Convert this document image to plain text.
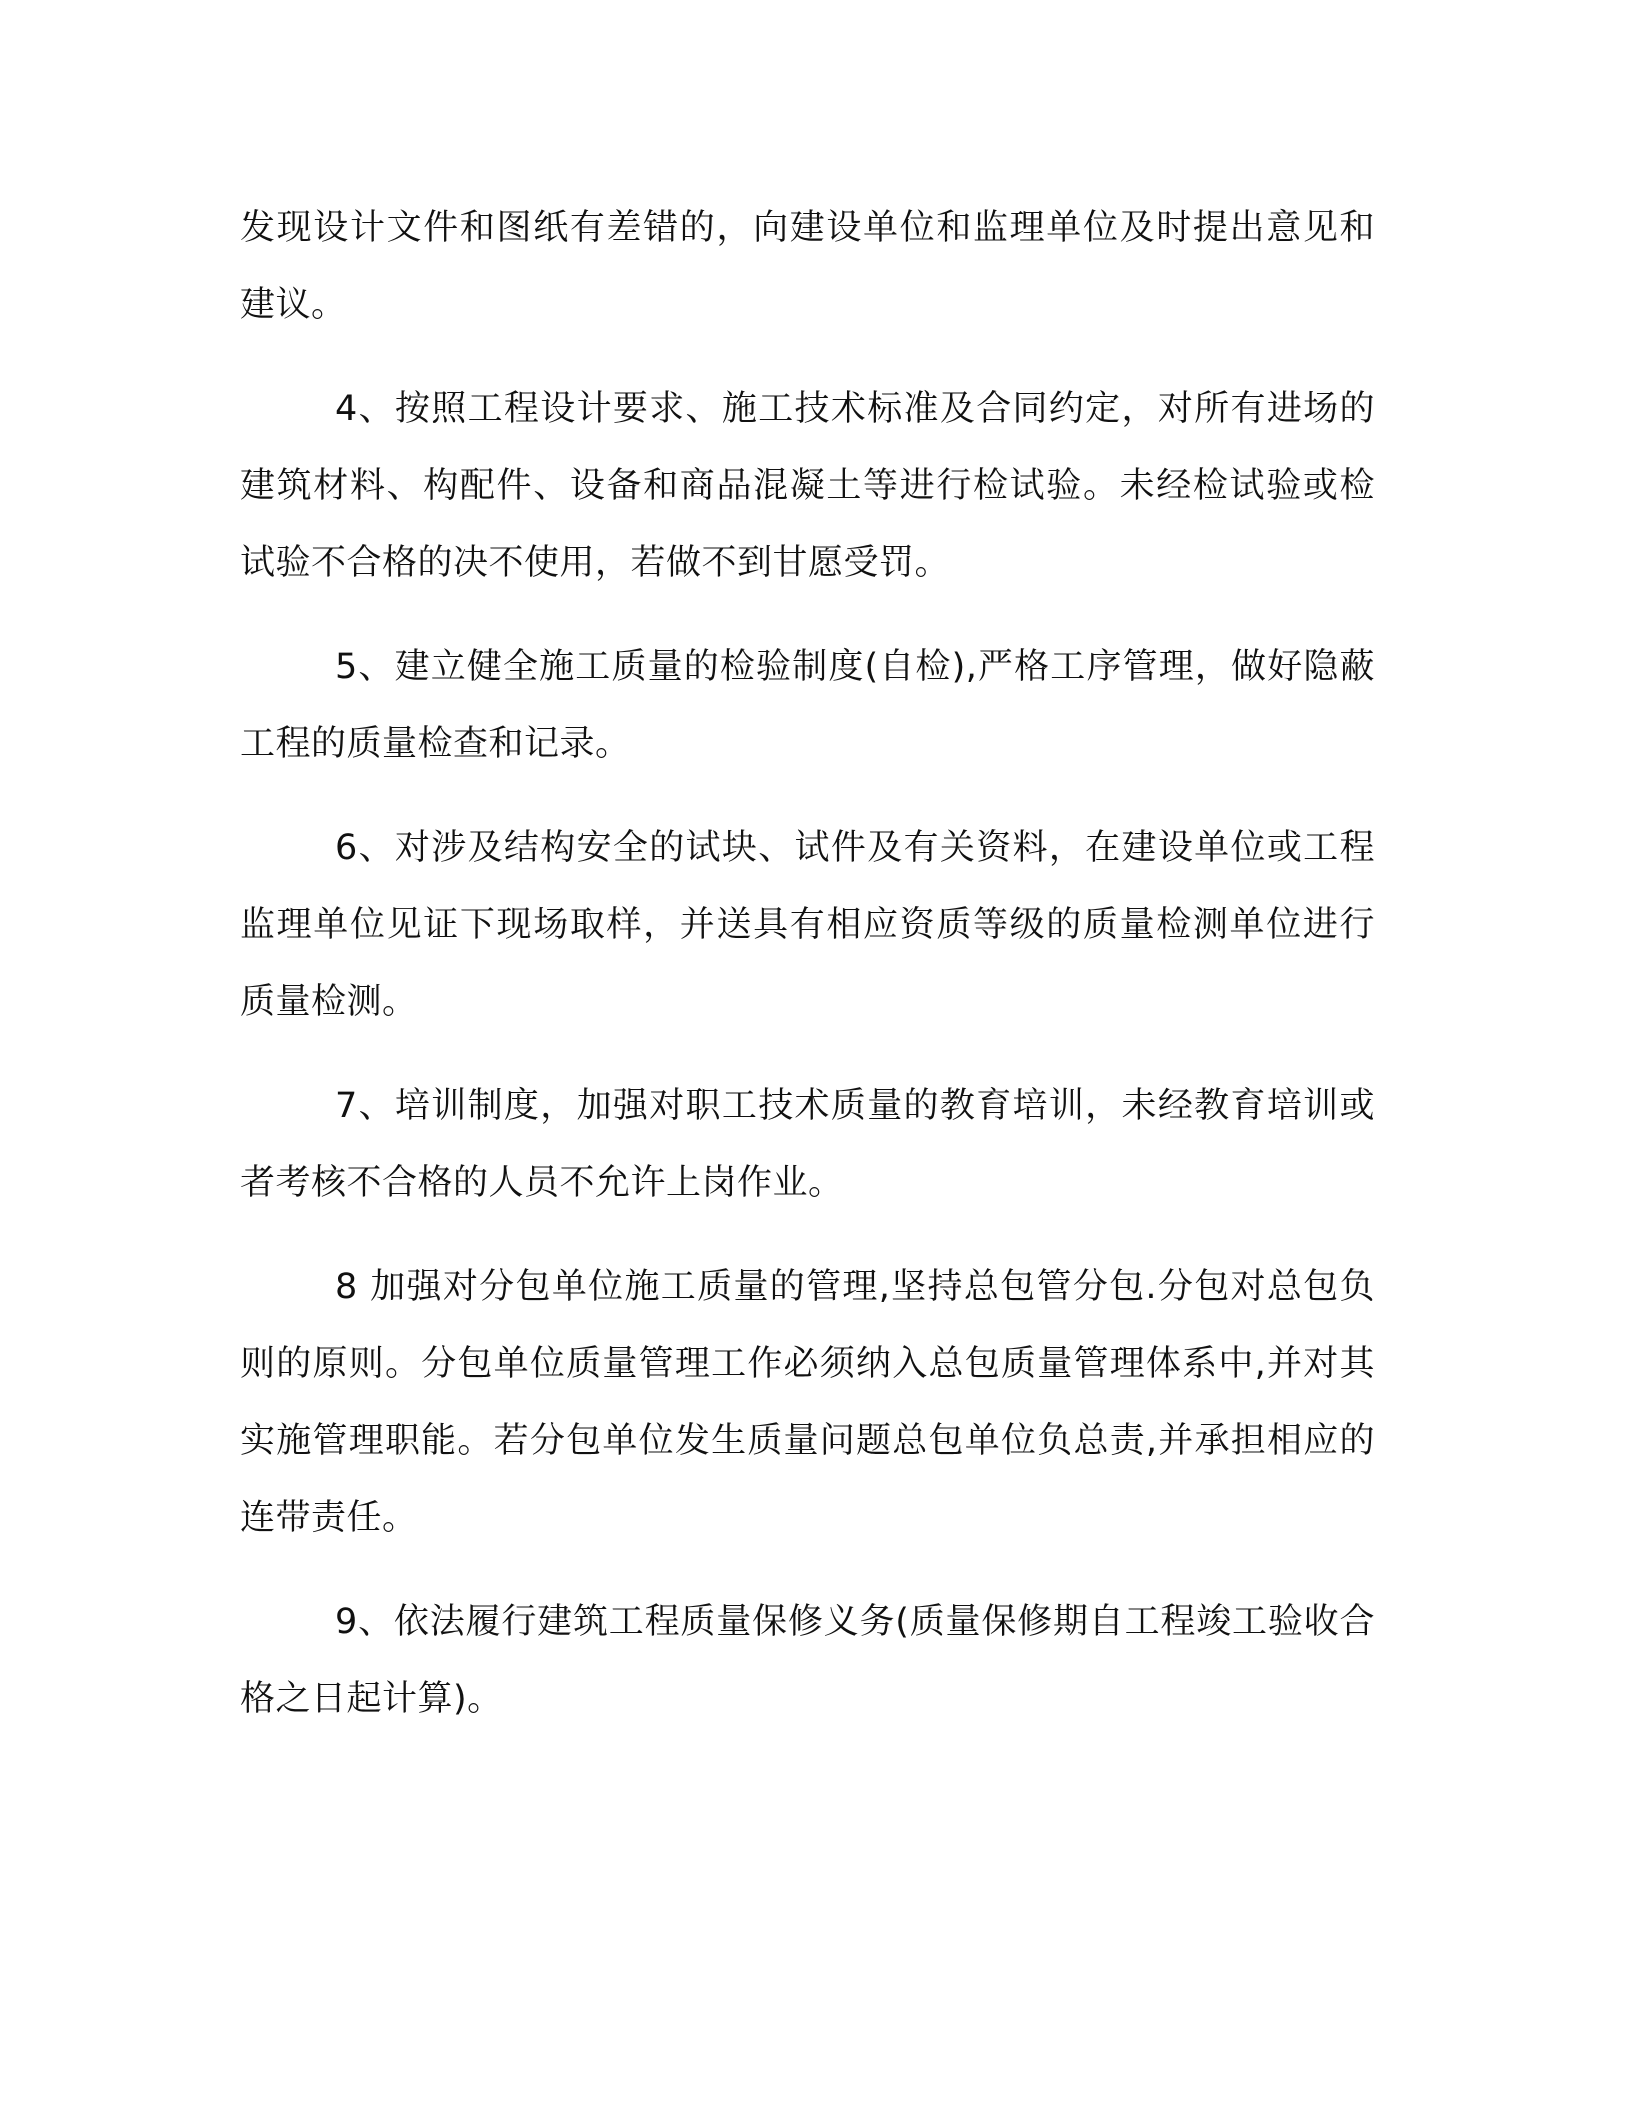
发现设计文件和图纸有差错的，向建设单位和监理单位及时提出意见和建议。

4、按照工程设计要求、施工技术标准及合同约定，对所有进场的建筑材料、构配件、设备和商品混凝土等进行检试验。未经检试验或检试验不合格的决不使用，若做不到甘愿受罚。

5、建立健全施工质量的检验制度(自检),严格工序管理，做好隐蔽工程的质量检查和记录。

6、对涉及结构安全的试块、试件及有关资料，在建设单位或工程监理单位见证下现场取样，并送具有相应资质等级的质量检测单位进行质量检测。

7、培训制度，加强对职工技术质量的教育培训，未经教育培训或者考核不合格的人员不允许上岗作业。

8 加强对分包单位施工质量的管理,坚持总包管分包.分包对总包负则的原则。分包单位质量管理工作必须纳入总包质量管理体系中,并对其实施管理职能。若分包单位发生质量问题总包单位负总责,并承担相应的连带责任。

9、依法履行建筑工程质量保修义务(质量保修期自工程竣工验收合格之日起计算)。
